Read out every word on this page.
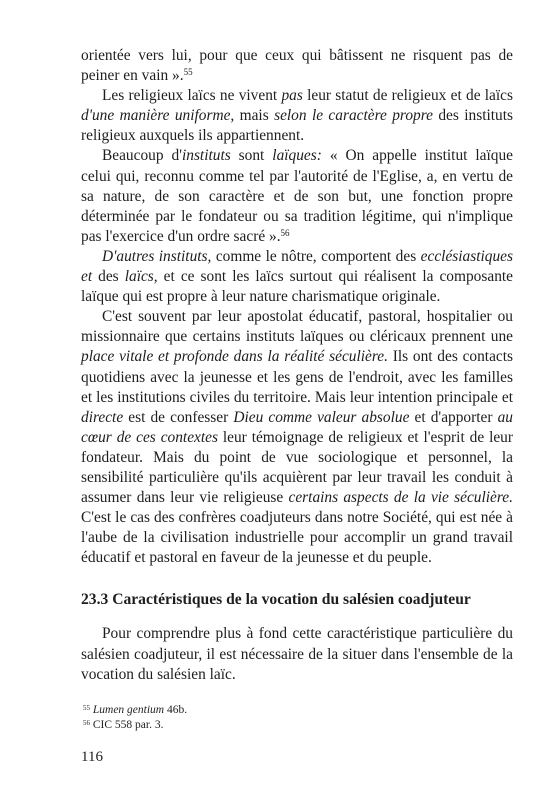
orientée vers lui, pour que ceux qui bâtissent ne risquent pas de peiner en vain ».$^{55}$

Les religieux laïcs ne vivent pas leur statut de religieux et de laïcs d'une manière uniforme, mais selon le caractère propre des instituts religieux auxquels ils appartiennent.

Beaucoup d'instituts sont laïques: « On appelle institut laïque celui qui, reconnu comme tel par l'autorité de l'Eglise, a, en vertu de sa nature, de son caractère et de son but, une fonction propre déterminée par le fondateur ou sa tradition légitime, qui n'implique pas l'exercice d'un ordre sacré ».$^{56}$

D'autres instituts, comme le nôtre, comportent des ecclésiastiques et des laïcs, et ce sont les laïcs surtout qui réalisent la composante laïque qui est propre à leur nature charismatique originale.

C'est souvent par leur apostolat éducatif, pastoral, hospitalier ou missionnaire que certains instituts laïques ou cléricaux prennent une place vitale et profonde dans la réalité séculière. Ils ont des contacts quotidiens avec la jeunesse et les gens de l'endroit, avec les familles et les institutions civiles du territoire. Mais leur intention principale et directe est de confesser Dieu comme valeur absolue et d'apporter au cœur de ces contextes leur témoignage de religieux et l'esprit de leur fondateur. Mais du point de vue sociologique et personnel, la sensibilité particulière qu'ils acquièrent par leur travail les conduit à assumer dans leur vie religieuse certains aspects de la vie séculière. C'est le cas des confrères coadjuteurs dans notre Société, qui est née à l'aube de la civilisation industrielle pour accomplir un grand travail éducatif et pastoral en faveur de la jeunesse et du peuple.

23.3 Caractéristiques de la vocation du salésien coadjuteur

Pour comprendre plus à fond cette caractéristique particulière du salésien coadjuteur, il est nécessaire de la situer dans l'ensemble de la vocation du salésien laïc.

$^{55}$ Lumen gentium 46b.
$^{56}$ CIC 558 par. 3.
116
